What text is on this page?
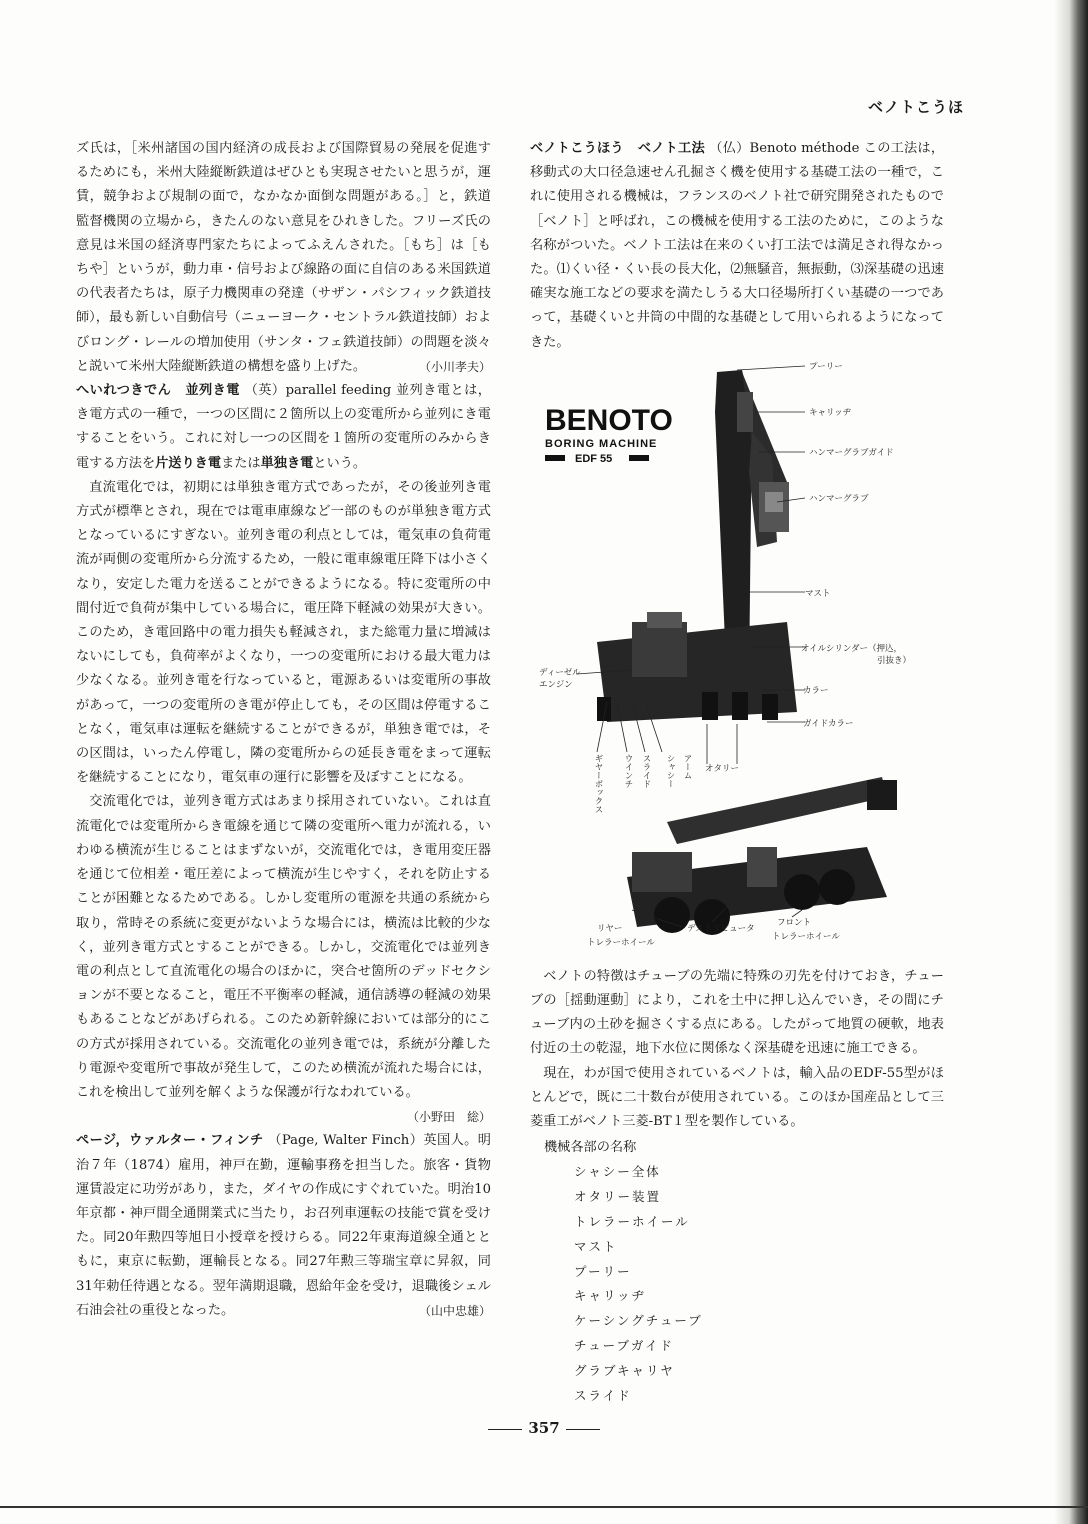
ベノトこうほ

ズ氏は，［米州諸国の国内経済の成長および国際貿易の発展を促進するためにも，米州大陸縦断鉄道はぜひとも実現させたいと思うが，運賃，競争および規制の面で，なかなか面倒な問題がある。］と，鉄道監督機関の立場から，きたんのない意見をひれきした。フリーズ氏の意見は米国の経済専門家たちによってふえんされた。［もち］は［もちや］というが，動力車・信号および線路の面に自信のある米国鉄道の代表者たちは，原子力機関車の発達（サザン・パシフィック鉄道技師），最も新しい自動信号（ニューヨーク・セントラル鉄道技師）およびロング・レールの増加使用（サンタ・フェ鉄道技師）の問題を淡々と説いて米州大陸縦断鉄道の構想を盛り上げた。	（小川孝夫）

へいれつきでん 並列き電 （英）parallel feeding 並列き電とは，き電方式の一種で，一つの区間に２箇所以上の変電所から並列にき電することをいう。これに対し一つの区間を１箇所の変電所のみからき電する方法を片送りき電または単独き電という。

直流電化では，初期には単独き電方式であったが，その後並列き電方式が標準とされ，現在では電車庫線など一部のものが単独き電方式となっているにすぎない。並列き電の利点としては，電気車の負荷電流が両側の変電所から分流するため，一般に電車線電圧降下は小さくなり，安定した電力を送ることができるようになる。特に変電所の中間付近で負荷が集中している場合に，電圧降下軽減の効果が大きい。このため，き電回路中の電力損失も軽減され，また総電力量に増減はないにしても，負荷率がよくなり，一つの変電所における最大電力は少なくなる。並列き電を行なっていると，電源あるいは変電所の事故があって，一つの変電所のき電が停止しても，その区間は停電することなく，電気車は運転を継続することができるが，単独き電では，その区間は，いったん停電し，隣の変電所からの延長き電をまって運転を継続することになり，電気車の運行に影響を及ぼすことになる。

交流電化では，並列き電方式はあまり採用されていない。これは直流電化では変電所からき電線を通じて隣の変電所へ電力が流れる，いわゆる横流が生じることはまずないが，交流電化では，き電用変圧器を通じて位相差・電圧差によって横流が生じやすく，それを防止することが困難となるためである。しかし変電所の電源を共通の系統から取り，常時その系統に変更がないような場合には，横流は比較的少なく，並列き電方式とすることができる。しかし，交流電化では並列き電の利点として直流電化の場合のほかに，突合せ箇所のデッドセクションが不要となること，電圧不平衡率の軽減，通信誘導の軽減の効果もあることなどがあげられる。このため新幹線においては部分的にこの方式が採用されている。交流電化の並列き電では，系統が分離したり電源や変電所で事故が発生して，このため横流が流れた場合には，これを検出して並列を解くような保護が行なわれている。
（小野田　総）

ページ，ウァルター・フィンチ （Page, Walter Finch）英国人。明治７年（1874）雇用，神戸在勤，運輸事務を担当した。旅客・貨物運賃設定に功労があり，また，ダイヤの作成にすぐれていた。明治10年京都・神戸間全通開業式に当たり，お召列車運転の技能で賞を受けた。同20年勲四等旭日小授章を授けらる。同22年東海道線全通とともに，東京に転勤，運輸長となる。同27年勲三等瑞宝章に昇叙，同31年勅任待遇となる。翌年満期退職，恩給年金を受け，退職後シェル石油会社の重役となった。	（山中忠雄）

ベノトこうほう ベノト工法 （仏）Benoto méthode この工法は，移動式の大口径急速せん孔掘さく機を使用する基礎工法の一種で，これに使用される機械は，フランスのベノト社で研究開発されたもので［ベノト］と呼ばれ，この機械を使用する工法のために，このような名称がついた。ベノト工法は在来のくい打工法では満足され得なかった。⑴くい径・くい長の長大化，⑵無騒音，無振動，⑶深基礎の迅速確実な施工などの要求を満たしうる大口径場所打くい基礎の一つであって，基礎くいと井筒の中間的な基礎として用いられるようになってきた。

ベノトの特徴はチューブの先端に特殊の刃先を付けておき，チューブの［揺動運動］により，これを土中に押し込んでいき，その間にチューブ内の土砂を掘さくする点にある。したがって地質の硬軟，地表付近の土の乾湿，地下水位に関係なく深基礎を迅速に施工できる。

現在，わが国で使用されているベノトは，輸入品のEDF-55型がほとんどで，既に二十数台が使用されている。このほか国産品として三菱重工がベノト三菱-BT１型を製作している。

機械各部の名称
シャシー全体
オタリー装置
トレラーホイール
マスト
プーリー
キャリッヂ
ケーシングチューブ
チューブガイド
グラブキャリヤ
スライド
BENOTO
BORING MACHINE
EDF 55
プーリー
キャリッヂ
ハンマーグラブガイド
ハンマーグラブ
マスト
オイルシリンダー（押込，
引抜き）
ディーゼル
エンジン
カラー
ガイドカラー
オタリー
アーム
シャシー
スライド
ウインチ
ギヤーボックス
リヤー
トレラーホイール
デストリビュータ
フロント
トレラーホイール
357
